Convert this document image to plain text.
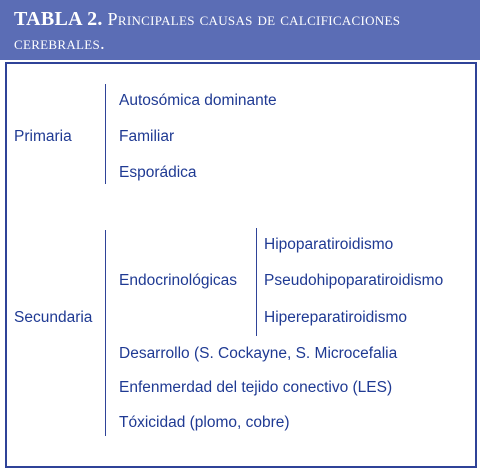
TABLA 2. Principales causas de calcificaciones
cerebrales.
Primaria
Autosómica dominante
Familiar
Esporádica
Secundaria
Endocrinológicas
Hipoparatiroidismo
Pseudohipoparatiroidismo
Hipereparatiroidismo
Desarrollo (S. Cockayne, S. Microcefalia
Enfenmerdad del tejido conectivo (LES)
Tóxicidad (plomo, cobre)
